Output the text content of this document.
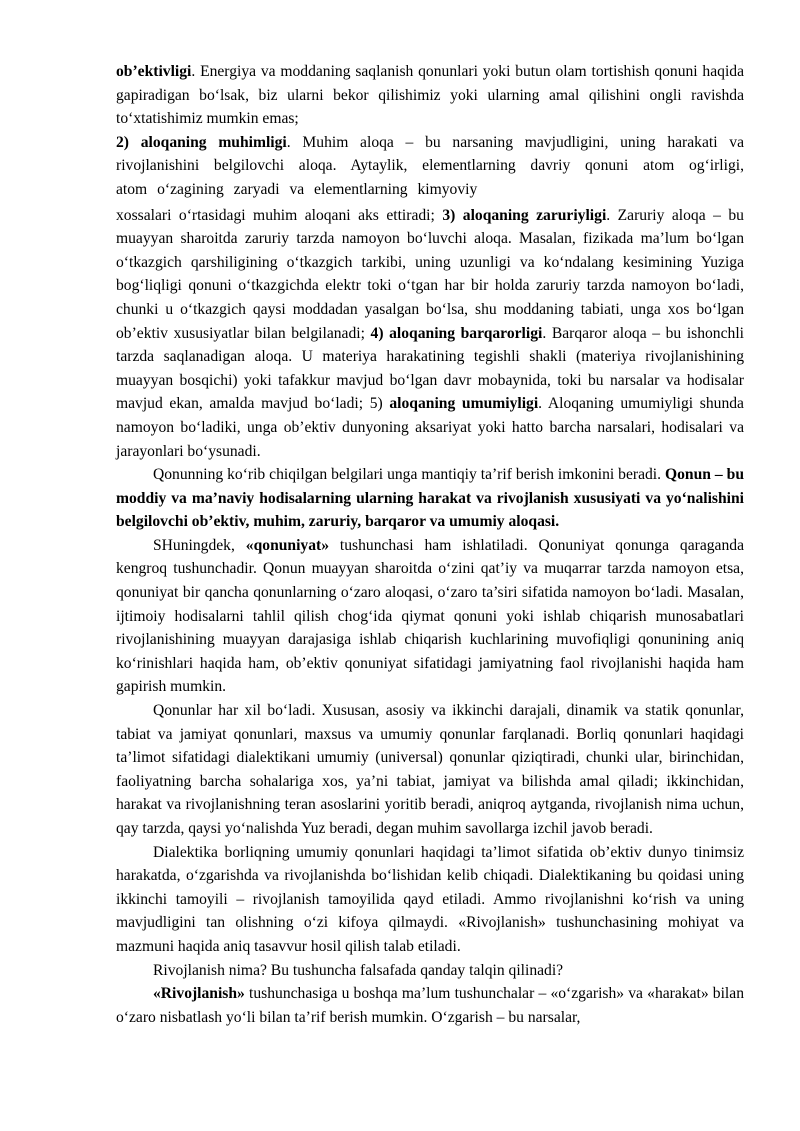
ob’ektivligi. Energiya va moddaning saqlanish qonunlari yoki butun olam tortishish qonuni haqida gapiradigan bo‘lsak, biz ularni bekor qilishimiz yoki ularning amal qilishini ongli ravishda to‘xtatishimiz mumkin emas;

2) aloqaning muhimligi. Muhim aloqa – bu narsaning mavjudligini, uning harakati va rivojlanishini belgilovchi aloqa. Aytaylik, elementlarning davriy qonuni atom og‘irligi, atom o‘zagining zaryadi va elementlarning kimyoviy

xossalari o‘rtasidagi muhim aloqani aks ettiradi; 3) aloqaning zaruriyligi. Zaruriy aloqa – bu muayyan sharoitda zaruriy tarzda namoyon bo‘luvchi aloqa. Masalan, fizikada ma’lum bo‘lgan o‘tkazgich qarshiligining o‘tkazgich tarkibi, uning uzunligi va ko‘ndalang kesimining Yuziga bog‘liqligi qonuni o‘tkazgichda elektr toki o‘tgan har bir holda zaruriy tarzda namoyon bo‘ladi, chunki u o‘tkazgich qaysi moddadan yasalgan bo‘lsa, shu moddaning tabiati, unga xos bo‘lgan ob’ektiv xususiyatlar bilan belgilanadi; 4) aloqaning barqarorligi. Barqaror aloqa – bu ishonchli tarzda saqlanadigan aloqa. U materiya harakatining tegishli shakli (materiya rivojlanishining muayyan bosqichi) yoki tafakkur mavjud bo‘lgan davr mobaynida, toki bu narsalar va hodisalar mavjud ekan, amalda mavjud bo‘ladi; 5) aloqaning umumiyligi. Aloqaning umumiyligi shunda namoyon bo‘ladiki, unga ob’ektiv dunyoning aksariyat yoki hatto barcha narsalari, hodisalari va jarayonlari bo‘ysunadi.

Qonunning ko‘rib chiqilgan belgilari unga mantiqiy ta’rif berish imkonini beradi. Qonun – bu moddiy va ma’naviy hodisalarning ularning harakat va rivojlanish xususiyati va yo‘nalishini belgilovchi ob’ektiv, muhim, zaruriy, barqaror va umumiy aloqasi.

SHuningdek, «qonuniyat» tushunchasi ham ishlatiladi. Qonuniyat qonunga qaraganda kengroq tushunchadir. Qonun muayyan sharoitda o‘zini qat’iy va muqarrar tarzda namoyon etsa, qonuniyat bir qancha qonunlarning o‘zaro aloqasi, o‘zaro ta’siri sifatida namoyon bo‘ladi. Masalan, ijtimoiy hodisalarni tahlil qilish chog‘ida qiymat qonuni yoki ishlab chiqarish munosabatlari rivojlanishining muayyan darajasiga ishlab chiqarish kuchlarining muvofiqligi qonunining aniq ko‘rinishlari haqida ham, ob’ektiv qonuniyat sifatidagi jamiyatning faol rivojlanishi haqida ham gapirish mumkin.

Qonunlar har xil bo‘ladi. Xususan, asosiy va ikkinchi darajali, dinamik va statik qonunlar, tabiat va jamiyat qonunlari, maxsus va umumiy qonunlar farqlanadi. Borliq qonunlari haqidagi ta’limot sifatidagi dialektikani umumiy (universal) qonunlar qiziqtiradi, chunki ular, birinchidan, faoliyatning barcha sohalariga xos, ya’ni tabiat, jamiyat va bilishda amal qiladi; ikkinchidan, harakat va rivojlanishning teran asoslarini yoritib beradi, aniqroq aytganda, rivojlanish nima uchun, qay tarzda, qaysi yo‘nalishda Yuz beradi, degan muhim savollarga izchil javob beradi.

Dialektika borliqning umumiy qonunlari haqidagi ta’limot sifatida ob’ektiv dunyo tinimsiz harakatda, o‘zgarishda va rivojlanishda bo‘lishidan kelib chiqadi. Dialektikaning bu qoidasi uning ikkinchi tamoyili – rivojlanish tamoyilida qayd etiladi. Ammo rivojlanishni ko‘rish va uning mavjudligini tan olishning o‘zi kifoya qilmaydi. «Rivojlanish» tushunchasining mohiyat va mazmuni haqida aniq tasavvur hosil qilish talab etiladi.

Rivojlanish nima? Bu tushuncha falsafada qanday talqin qilinadi?

«Rivojlanish» tushunchasiga u boshqa ma’lum tushunchalar – «o‘zgarish» va «harakat» bilan o‘zaro nisbatlash yo‘li bilan ta’rif berish mumkin. O‘zgarish – bu narsalar,
